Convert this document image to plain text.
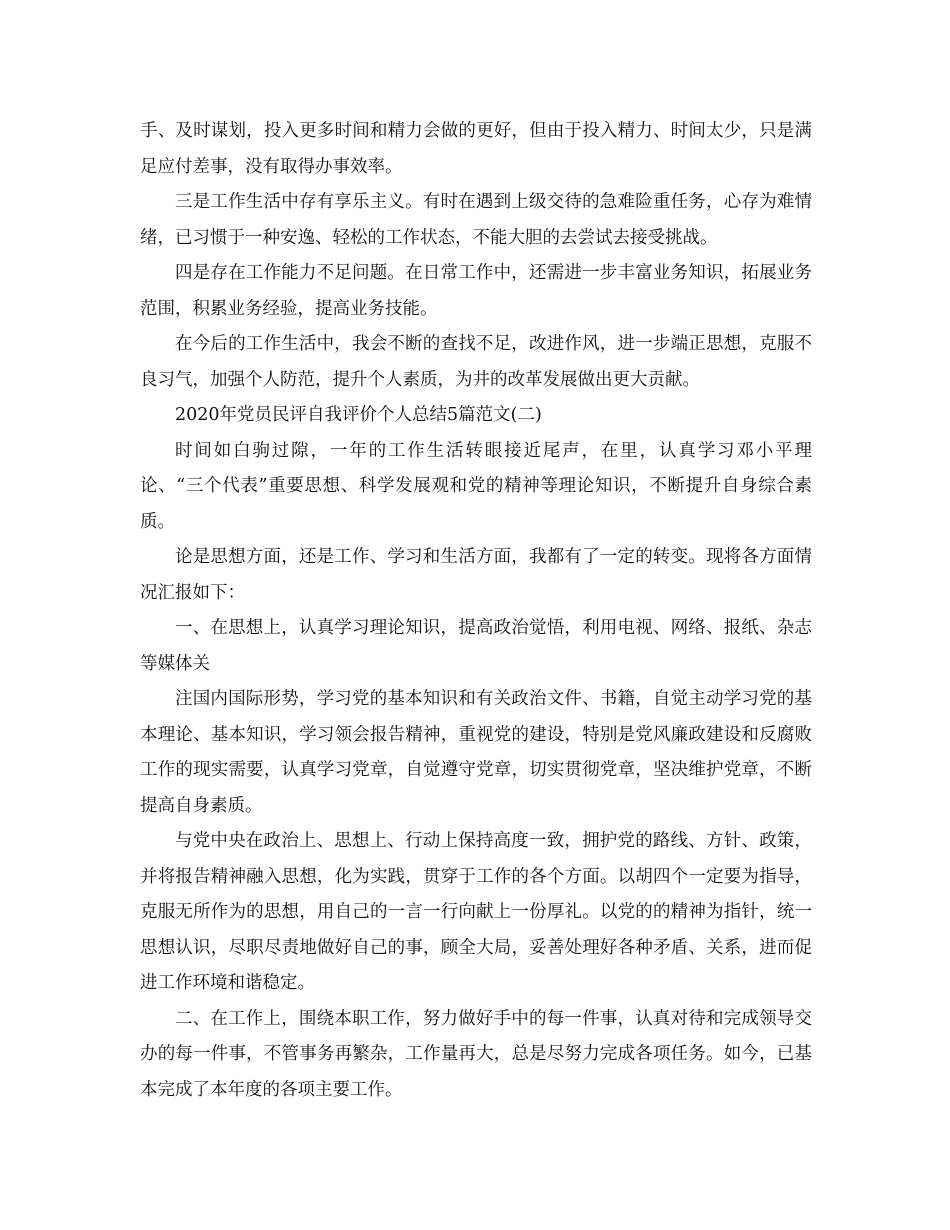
手、及时谋划，投入更多时间和精力会做的更好，但由于投入精力、时间太少，只是满足应付差事，没有取得办事效率。

三是工作生活中存有享乐主义。有时在遇到上级交待的急难险重任务，心存为难情绪，已习惯于一种安逸、轻松的工作状态，不能大胆的去尝试去接受挑战。

四是存在工作能力不足问题。在日常工作中，还需进一步丰富业务知识，拓展业务范围，积累业务经验，提高业务技能。

在今后的工作生活中，我会不断的查找不足，改进作风，进一步端正思想，克服不良习气，加强个人防范，提升个人素质，为井的改革发展做出更大贡献。

2020年党员民评自我评价个人总结5篇范文(二)

时间如白驹过隙，一年的工作生活转眼接近尾声，在里，认真学习邓小平理论、“三个代表”重要思想、科学发展观和党的精神等理论知识，不断提升自身综合素质。

论是思想方面，还是工作、学习和生活方面，我都有了一定的转变。现将各方面情况汇报如下：

一、在思想上，认真学习理论知识，提高政治觉悟，利用电视、网络、报纸、杂志等媒体关

注国内国际形势，学习党的基本知识和有关政治文件、书籍，自觉主动学习党的基本理论、基本知识，学习领会报告精神，重视党的建设，特别是党风廉政建设和反腐败工作的现实需要，认真学习党章，自觉遵守党章，切实贯彻党章，坚决维护党章，不断提高自身素质。

与党中央在政治上、思想上、行动上保持高度一致，拥护党的路线、方针、政策，并将报告精神融入思想，化为实践，贯穿于工作的各个方面。以胡四个一定要为指导，克服无所作为的思想，用自己的一言一行向献上一份厚礼。以党的的精神为指针，统一思想认识，尽职尽责地做好自己的事，顾全大局，妥善处理好各种矛盾、关系，进而促进工作环境和谐稳定。

二、在工作上，围绕本职工作，努力做好手中的每一件事，认真对待和完成领导交办的每一件事，不管事务再繁杂，工作量再大，总是尽努力完成各项任务。如今，已基本完成了本年度的各项主要工作。
